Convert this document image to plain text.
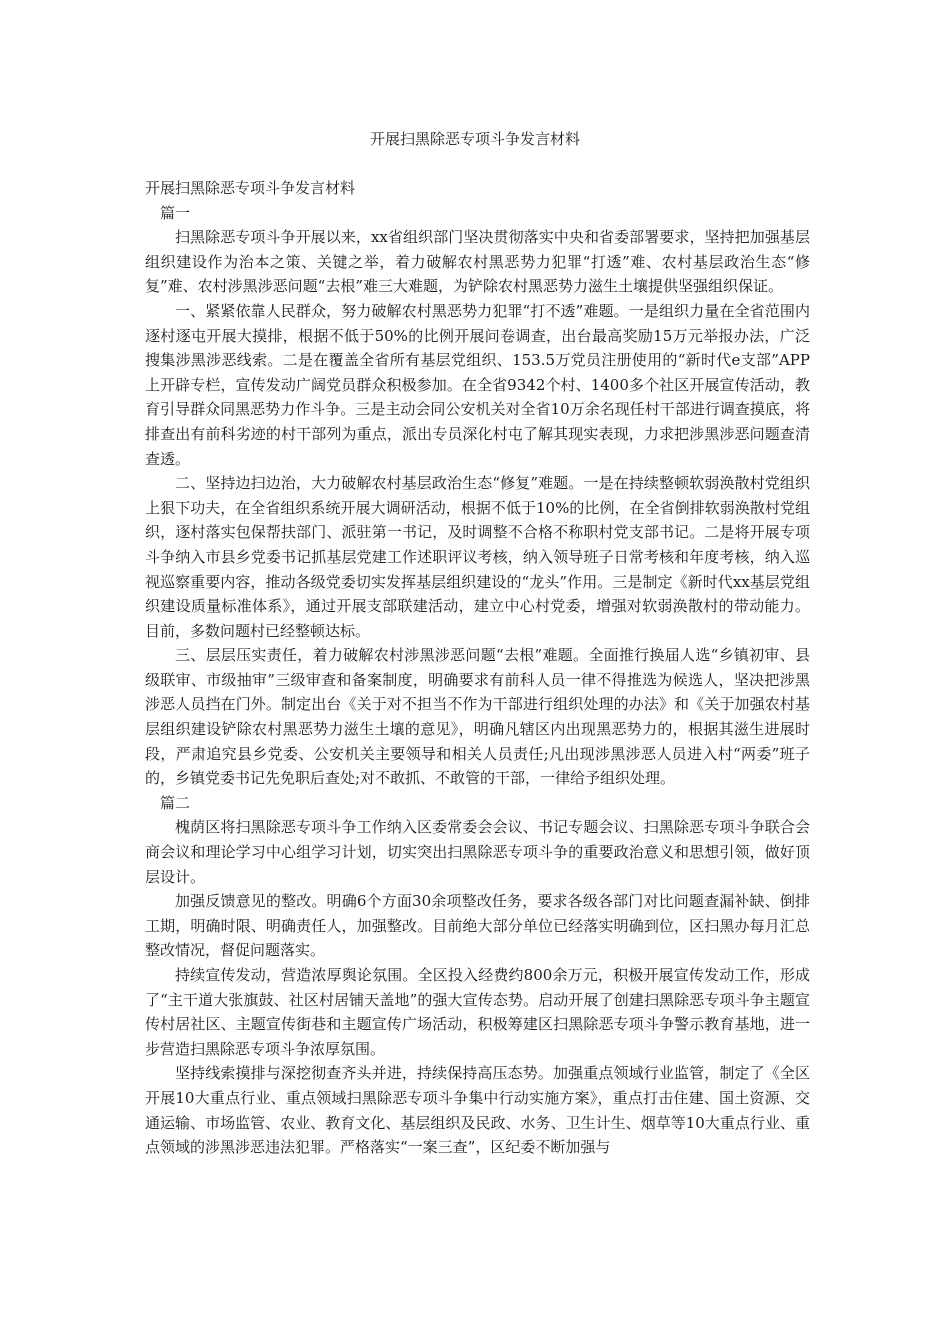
开展扫黑除恶专项斗争发言材料

开展扫黑除恶专项斗争发言材料

篇一

扫黑除恶专项斗争开展以来，xx省组织部门坚决贯彻落实中央和省委部署要求，坚持把加强基层组织建设作为治本之策、关键之举，着力破解农村黑恶势力犯罪“打透”难、农村基层政治生态“修复”难、农村涉黑涉恶问题“去根”难三大难题，为铲除农村黑恶势力滋生土壤提供坚强组织保证。

一、紧紧依靠人民群众，努力破解农村黑恶势力犯罪“打不透”难题。一是组织力量在全省范围内逐村逐屯开展大摸排，根据不低于50%的比例开展问卷调查，出台最高奖励15万元举报办法，广泛搜集涉黑涉恶线索。二是在覆盖全省所有基层党组织、153.5万党员注册使用的“新时代e支部”APP上开辟专栏，宣传发动广阔党员群众积极参加。在全省9342个村、1400多个社区开展宣传活动，教育引导群众同黑恶势力作斗争。三是主动会同公安机关对全省10万余名现任村干部进行调查摸底，将排查出有前科劣迹的村干部列为重点，派出专员深化村屯了解其现实表现，力求把涉黑涉恶问题查清查透。

二、坚持边扫边治，大力破解农村基层政治生态“修复”难题。一是在持续整顿软弱涣散村党组织上狠下功夫，在全省组织系统开展大调研活动，根据不低于10%的比例，在全省倒排软弱涣散村党组织，逐村落实包保帮扶部门、派驻第一书记，及时调整不合格不称职村党支部书记。二是将开展专项斗争纳入市县乡党委书记抓基层党建工作述职评议考核，纳入领导班子日常考核和年度考核，纳入巡视巡察重要内容，推动各级党委切实发挥基层组织建设的“龙头”作用。三是制定《新时代xx基层党组织建设质量标准体系》，通过开展支部联建活动，建立中心村党委，增强对软弱涣散村的带动能力。目前，多数问题村已经整顿达标。

三、层层压实责任，着力破解农村涉黑涉恶问题“去根”难题。全面推行换届人选“乡镇初审、县级联审、市级抽审”三级审查和备案制度，明确要求有前科人员一律不得推选为候选人，坚决把涉黑涉恶人员挡在门外。制定出台《关于对不担当不作为干部进行组织处理的办法》和《关于加强农村基层组织建设铲除农村黑恶势力滋生土壤的意见》，明确凡辖区内出现黑恶势力的，根据其滋生进展时段，严肃追究县乡党委、公安机关主要领导和相关人员责任;凡出现涉黑涉恶人员进入村“两委”班子的，乡镇党委书记先免职后查处;对不敢抓、不敢管的干部，一律给予组织处理。

篇二

槐荫区将扫黑除恶专项斗争工作纳入区委常委会会议、书记专题会议、扫黑除恶专项斗争联合会商会议和理论学习中心组学习计划，切实突出扫黑除恶专项斗争的重要政治意义和思想引领，做好顶层设计。

加强反馈意见的整改。明确6个方面30余项整改任务，要求各级各部门对比问题查漏补缺、倒排工期，明确时限、明确责任人，加强整改。目前绝大部分单位已经落实明确到位，区扫黑办每月汇总整改情况，督促问题落实。

持续宣传发动，营造浓厚舆论氛围。全区投入经费约800余万元，积极开展宣传发动工作，形成了“主干道大张旗鼓、社区村居铺天盖地”的强大宣传态势。启动开展了创建扫黑除恶专项斗争主题宣传村居社区、主题宣传街巷和主题宣传广场活动，积极筹建区扫黑除恶专项斗争警示教育基地，进一步营造扫黑除恶专项斗争浓厚氛围。

坚持线索摸排与深挖彻查齐头并进，持续保持高压态势。加强重点领域行业监管，制定了《全区开展10大重点行业、重点领域扫黑除恶专项斗争集中行动实施方案》，重点打击住建、国土资源、交通运输、市场监管、农业、教育文化、基层组织及民政、水务、卫生计生、烟草等10大重点行业、重点领域的涉黑涉恶违法犯罪。严格落实“一案三查”，区纪委不断加强与
